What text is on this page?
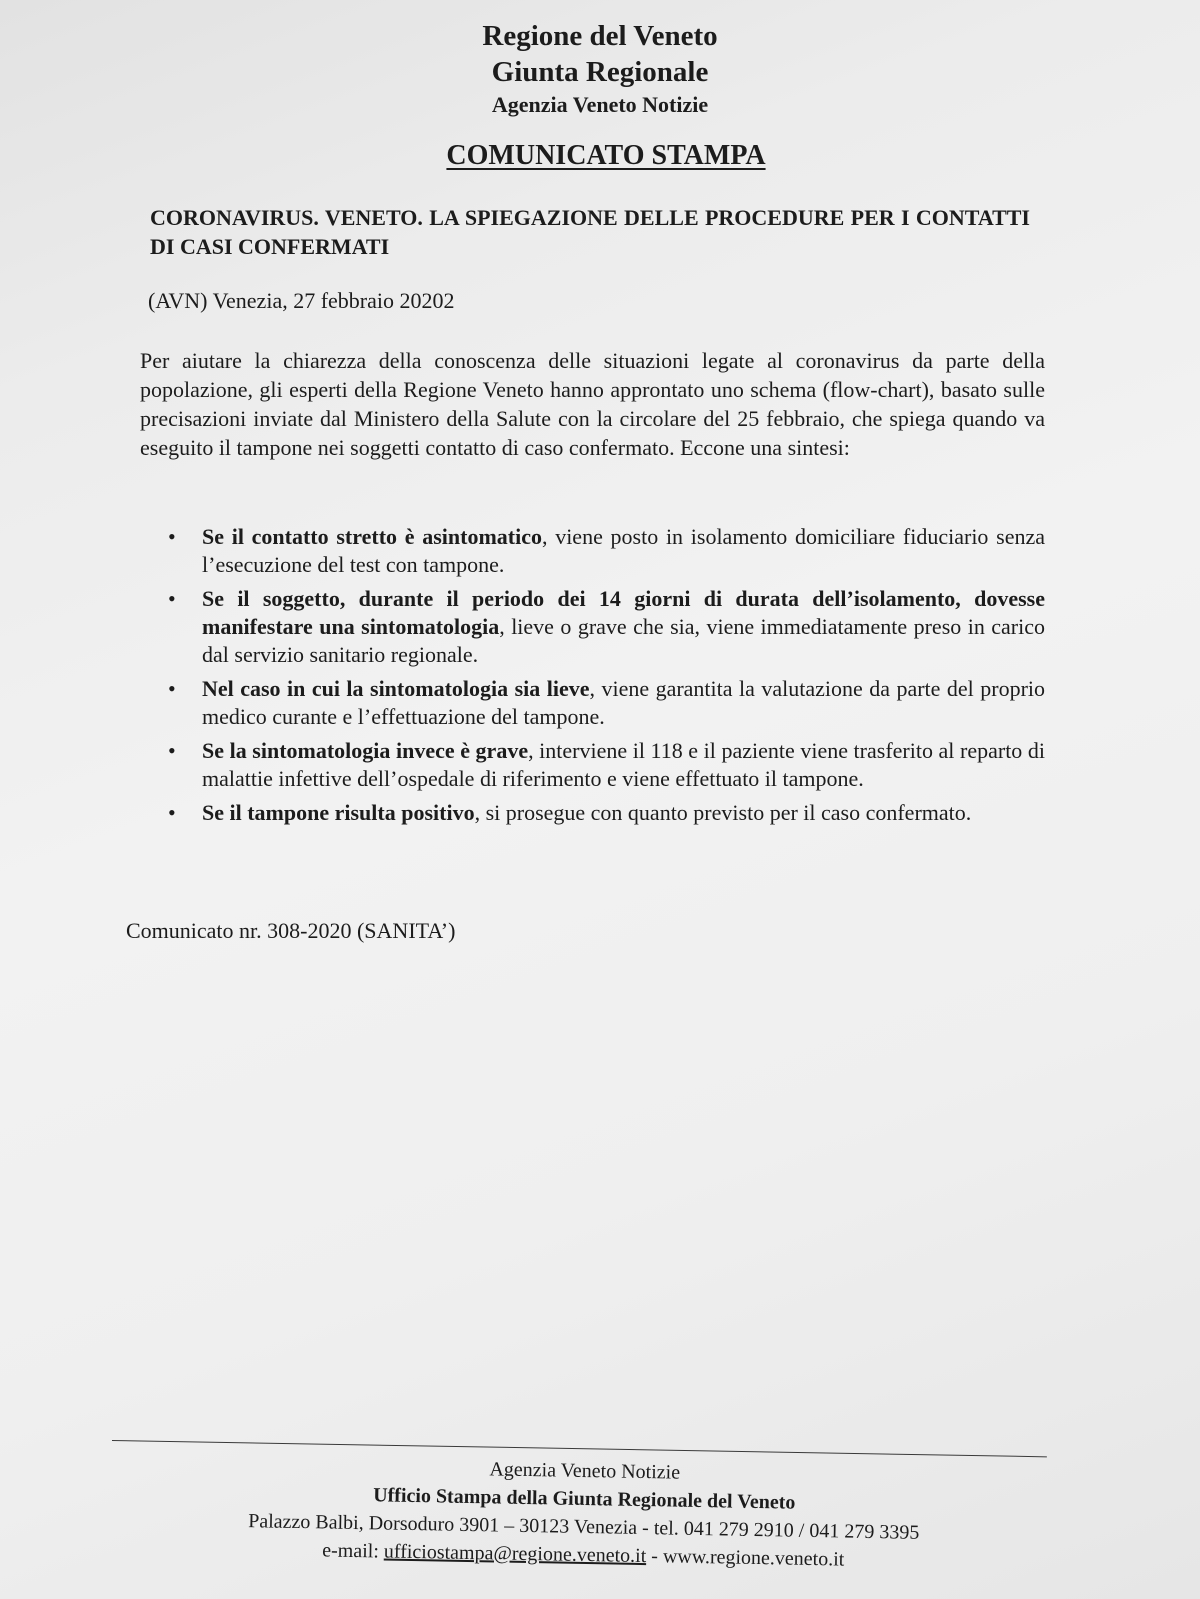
Regione del Veneto
Giunta Regionale
Agenzia Veneto Notizie
COMUNICATO STAMPA
CORONAVIRUS. VENETO. LA SPIEGAZIONE DELLE PROCEDURE PER I CONTATTI DI CASI CONFERMATI
(AVN) Venezia, 27 febbraio 20202
Per aiutare la chiarezza della conoscenza delle situazioni legate al coronavirus da parte della popolazione, gli esperti della Regione Veneto hanno approntato uno schema (flow-chart), basato sulle precisazioni inviate dal Ministero della Salute con la circolare del 25 febbraio, che spiega quando va eseguito il tampone nei soggetti contatto di caso confermato. Eccone una sintesi:
• Se il contatto stretto è asintomatico, viene posto in isolamento domiciliare fiduciario senza l’esecuzione del test con tampone.
• Se il soggetto, durante il periodo dei 14 giorni di durata dell’isolamento, dovesse manifestare una sintomatologia, lieve o grave che sia, viene immediatamente preso in carico dal servizio sanitario regionale.
• Nel caso in cui la sintomatologia sia lieve, viene garantita la valutazione da parte del proprio medico curante e l’effettuazione del tampone.
• Se la sintomatologia invece è grave, interviene il 118 e il paziente viene trasferito al reparto di malattie infettive dell’ospedale di riferimento e viene effettuato il tampone.
• Se il tampone risulta positivo, si prosegue con quanto previsto per il caso confermato.
Comunicato nr. 308-2020 (SANITA’)
Agenzia Veneto Notizie
Ufficio Stampa della Giunta Regionale del Veneto
Palazzo Balbi, Dorsoduro 3901 – 30123 Venezia - tel. 041 279 2910 / 041 279 3395
e-mail: ufficiostampa@regione.veneto.it - www.regione.veneto.it
